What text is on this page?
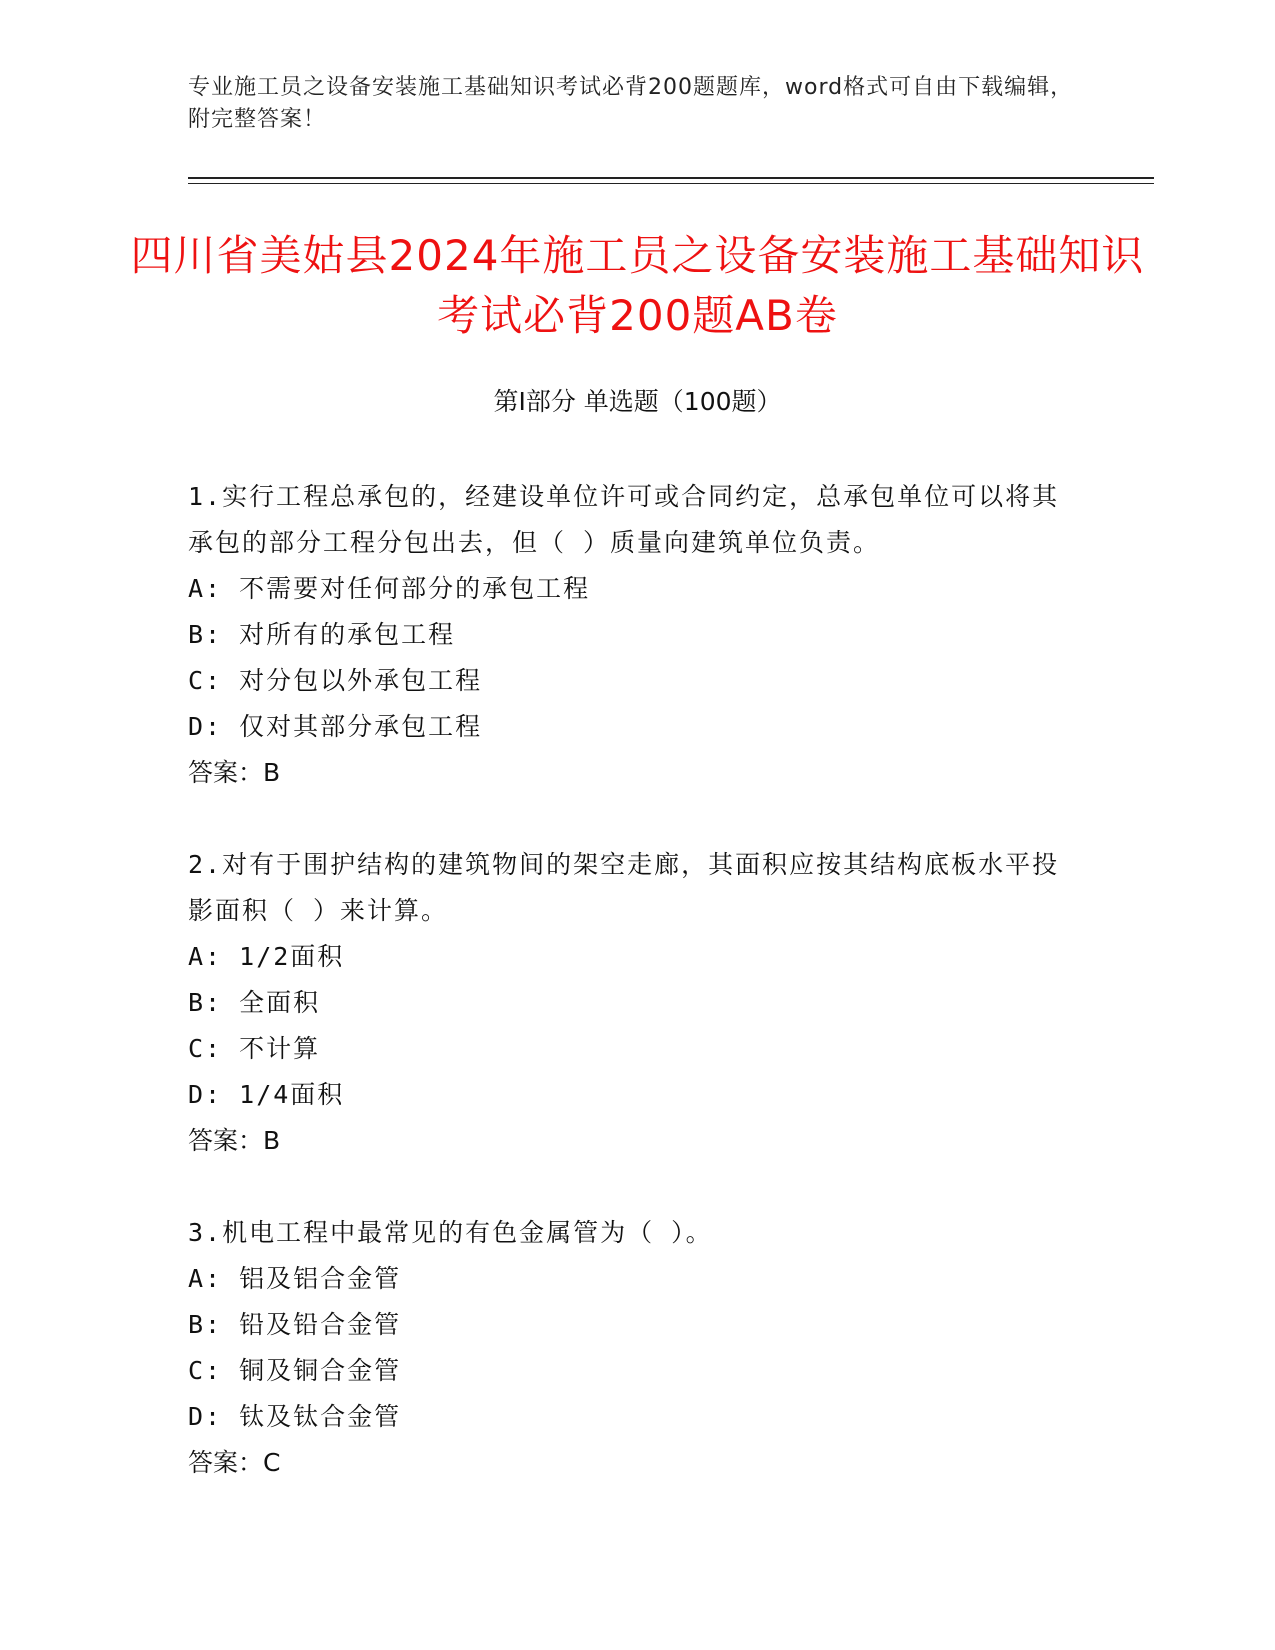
专业施工员之设备安装施工基础知识考试必背200题题库，word格式可自由下载编辑，附完整答案！
四川省美姑县2024年施工员之设备安装施工基础知识考试必背200题AB卷
第Ⅰ部分 单选题（100题）
1.实行工程总承包的，经建设单位许可或合同约定，总承包单位可以将其承包的部分工程分包出去，但（ ）质量向建筑单位负责。
A: 不需要对任何部分的承包工程
B: 对所有的承包工程
C: 对分包以外承包工程
D: 仅对其部分承包工程
答案：B
2.对有于围护结构的建筑物间的架空走廊，其面积应按其结构底板水平投影面积（ ）来计算。
A: 1/2面积
B: 全面积
C: 不计算
D: 1/4面积
答案：B
3.机电工程中最常见的有色金属管为（ ）。
A: 铝及铝合金管
B: 铅及铅合金管
C: 铜及铜合金管
D: 钛及钛合金管
答案：C
